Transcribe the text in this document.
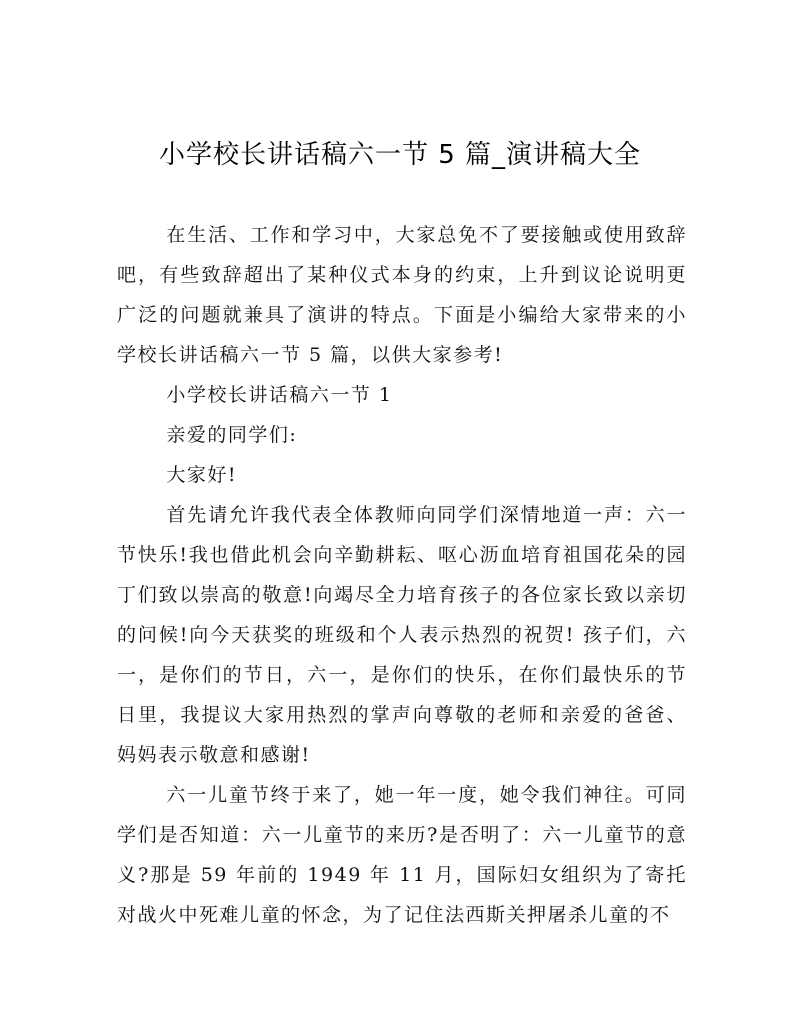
小学校长讲话稿六一节 5 篇_演讲稿大全

在生活、工作和学习中，大家总免不了要接触或使用致辞吧，有些致辞超出了某种仪式本身的约束，上升到议论说明更广泛的问题就兼具了演讲的特点。下面是小编给大家带来的小学校长讲话稿六一节 5 篇，以供大家参考!

小学校长讲话稿六一节 1

亲爱的同学们:

大家好!

首先请允许我代表全体教师向同学们深情地道一声：六一节快乐!我也借此机会向辛勤耕耘、呕心沥血培育祖国花朵的园丁们致以崇高的敬意!向竭尽全力培育孩子的各位家长致以亲切的问候!向今天获奖的班级和个人表示热烈的祝贺! 孩子们，六一，是你们的节日，六一，是你们的快乐，在你们最快乐的节日里，我提议大家用热烈的掌声向尊敬的老师和亲爱的爸爸、妈妈表示敬意和感谢!

六一儿童节终于来了，她一年一度，她令我们神往。可同学们是否知道：六一儿童节的来历?是否明了：六一儿童节的意义?那是 59 年前的 1949 年 11 月，国际妇女组织为了寄托对战火中死难儿童的怀念，为了记住法西斯关押屠杀儿童的不
